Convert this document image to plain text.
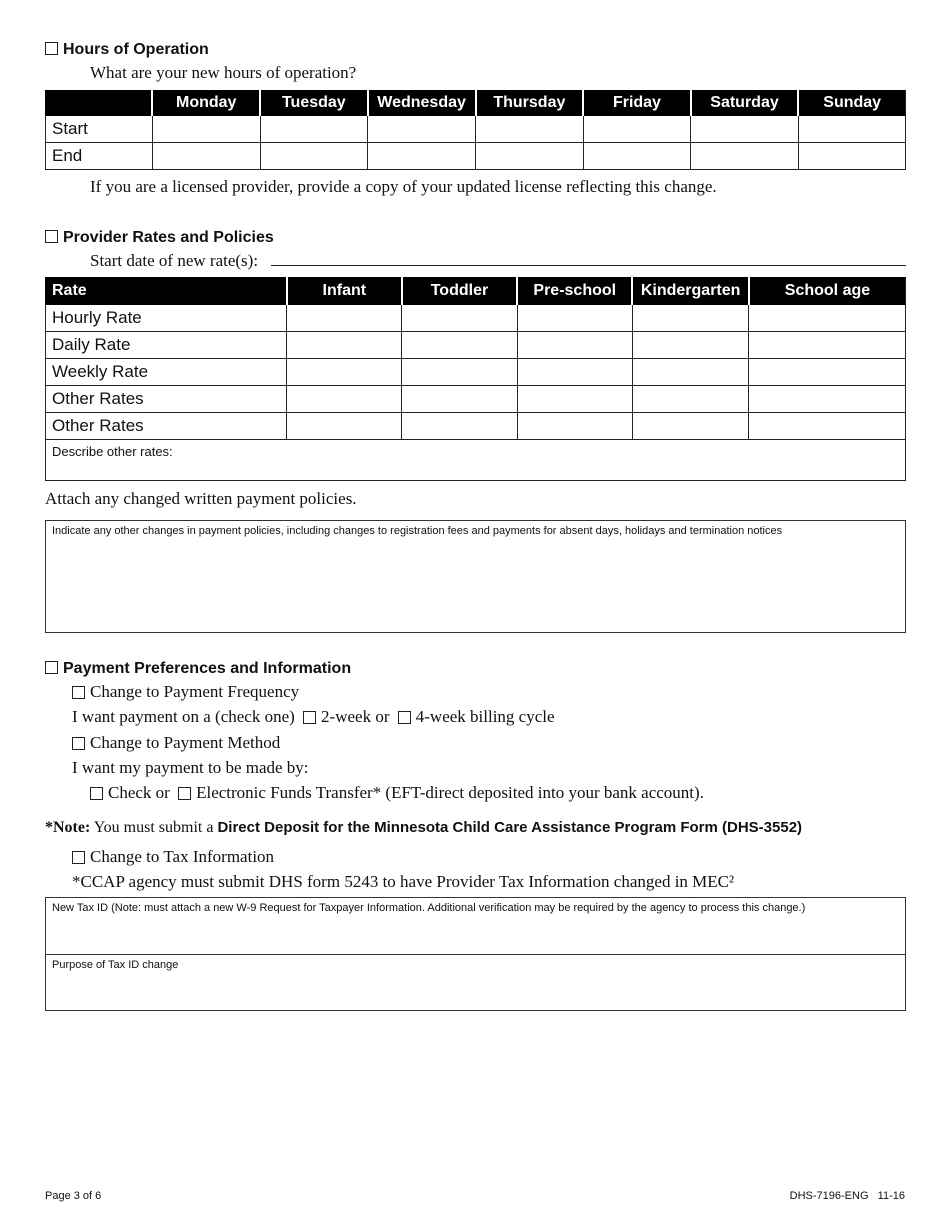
Hours of Operation
What are your new hours of operation?
	Monday	Tuesday	Wednesday	Thursday	Friday	Saturday	Sunday
Start							
End							
If you are a licensed provider, provide a copy of your updated license reflecting this change.
Provider Rates and Policies
Start date of new rate(s):
Rate	Infant	Toddler	Pre-school	Kindergarten	School age
Hourly Rate					
Daily Rate					
Weekly Rate					
Other Rates					
Other Rates					

Describe other rates:					
Attach any changed written payment policies.
Indicate any other changes in payment policies, including changes to registration fees and payments for absent days, holidays and termination notices
Payment Preferences and Information
Change to Payment Frequency
I want payment on a (check one) 2-week or 4-week billing cycle
Change to Payment Method
I want my payment to be made by:
Check or Electronic Funds Transfer* (EFT-direct deposited into your bank account).
*Note: You must submit a Direct Deposit for the Minnesota Child Care Assistance Program Form (DHS-3552)
Change to Tax Information
*CCAP agency must submit DHS form 5243 to have Provider Tax Information changed in MEC²
New Tax ID (Note: must attach a new W-9 Request for Taxpayer Information. Additional verification may be required by the agency to process this change.)
Purpose of Tax ID change
Page 3 of 6	DHS-7196-ENG   11-16
